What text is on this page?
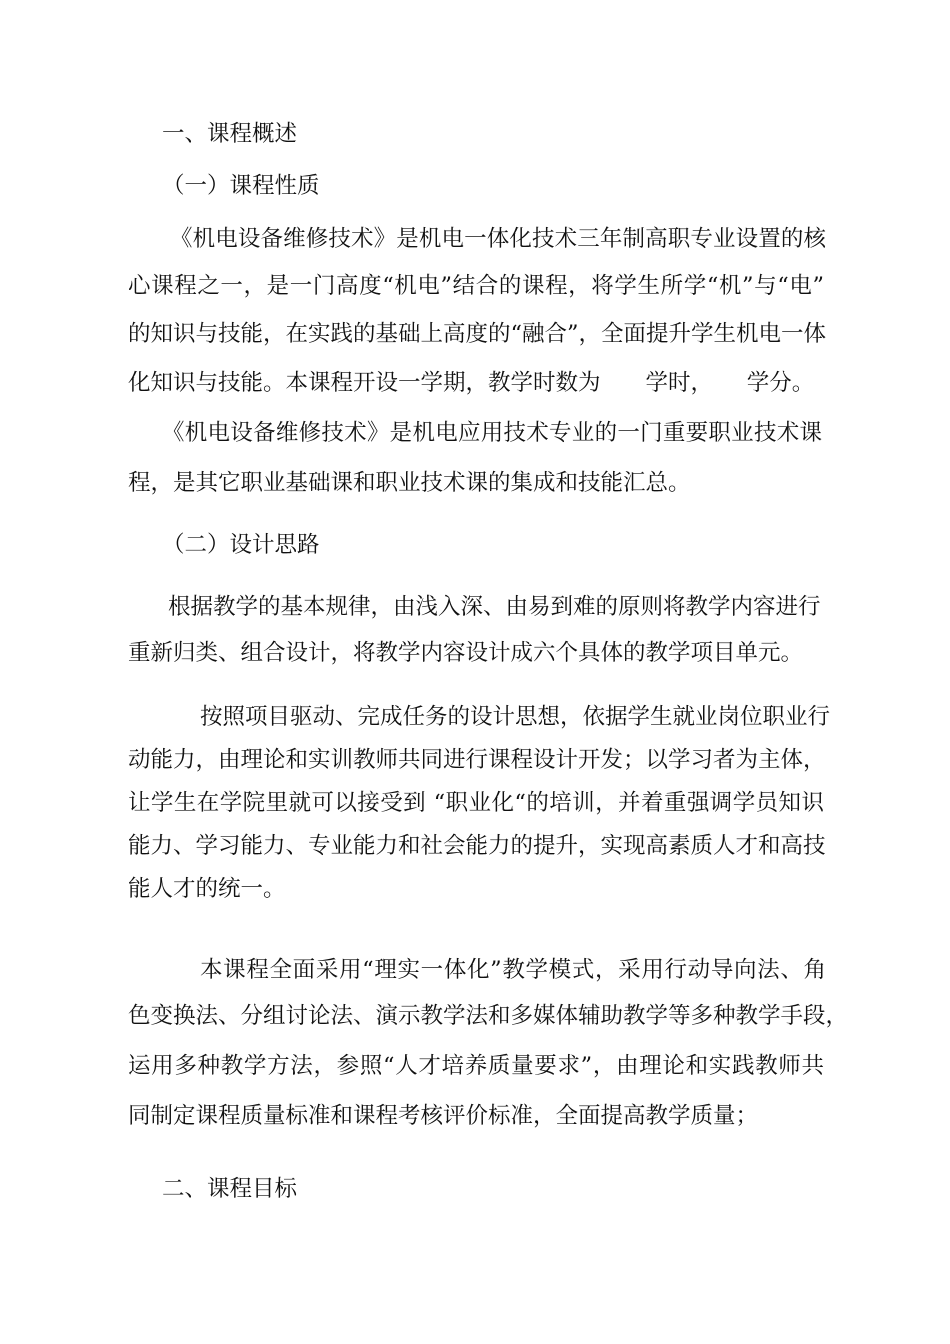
一、课程概述
（一）课程性质
《机电设备维修技术》是机电一体化技术三年制高职专业设置的核
心课程之一，是一门高度“机电”结合的课程，将学生所学“机”与“电”
的知识与技能，在实践的基础上高度的“融合”，全面提升学生机电一体
化知识与技能。本课程开设一学期，教学时数为　　学时，　　学分。
《机电设备维修技术》是机电应用技术专业的一门重要职业技术课
程，是其它职业基础课和职业技术课的集成和技能汇总。
（二）设计思路
根据教学的基本规律，由浅入深、由易到难的原则将教学内容进行
重新归类、组合设计，将教学内容设计成六个具体的教学项目单元。
按照项目驱动、完成任务的设计思想，依据学生就业岗位职业行
动能力，由理论和实训教师共同进行课程设计开发；以学习者为主体，
让学生在学院里就可以接受到 “职业化“的培训，并着重强调学员知识
能力、学习能力、专业能力和社会能力的提升，实现高素质人才和高技
能人才的统一。
本课程全面采用“理实一体化”教学模式，采用行动导向法、角
色变换法、分组讨论法、演示教学法和多媒体辅助教学等多种教学手段，
运用多种教学方法，参照“人才培养质量要求”，由理论和实践教师共
同制定课程质量标准和课程考核评价标准，全面提高教学质量；
二、课程目标
